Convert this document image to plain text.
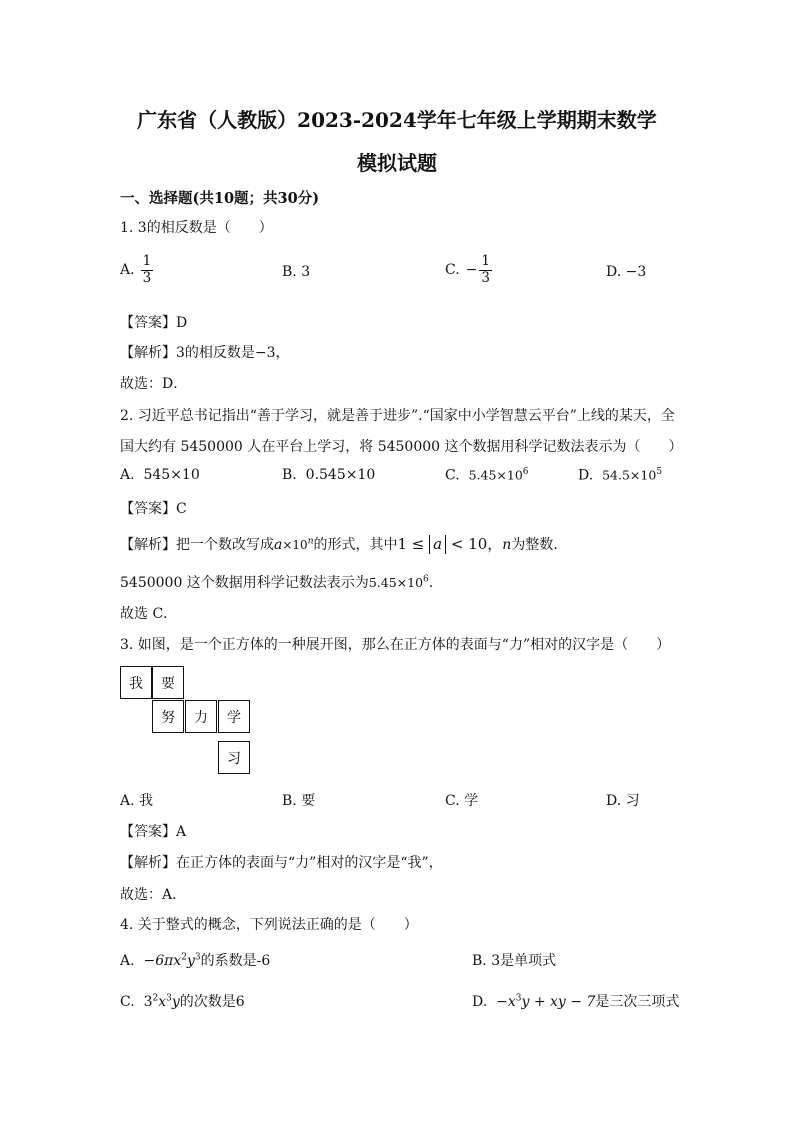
广东省（人教版）2023-2024学年七年级上学期期末数学
模拟试题
一、选择题(共10题；共30分)
1. 3的相反数是（　　）
A. $\frac{1}{3}$	B. 3	C. − $\frac{1}{3}$	D. −3
【答案】D
【解析】3的相反数是−3，
故选：D．
2. 习近平总书记指出“善于学习，就是善于进步”.“国家中小学智慧云平台”上线的某天，全
国大约有 5450000 人在平台上学习，将 5450000 这个数据用科学记数法表示为（　　）
A. 545×10	B. 0.545×10	C. $5.45\times 10^6$	D. $54.5\times 10^5$
【答案】C
【解析】把一个数改写成$a\times 10^n$的形式，其中1 ≤ a < 10，n为整数.
5450000 这个数据用科学记数法表示为$5.45\times 10^6$.
故选 C．
3. 如图，是一个正方体的一种展开图，那么在正方体的表面与“力”相对的汉字是（　　）
我	要
努	力	学
习
A. 我	B. 要	C. 学	D. 习
【答案】A
【解析】在正方体的表面与“力”相对的汉字是“我”，
故选：A．
4. 关于整式的概念，下列说法正确的是（　　）
A. $-6\pi x^2y^3$的系数是-6	B. 3是单项式
C. $3^2x^3y$的次数是6	D. $-x^3y$ + xy − 7是三次三项式
